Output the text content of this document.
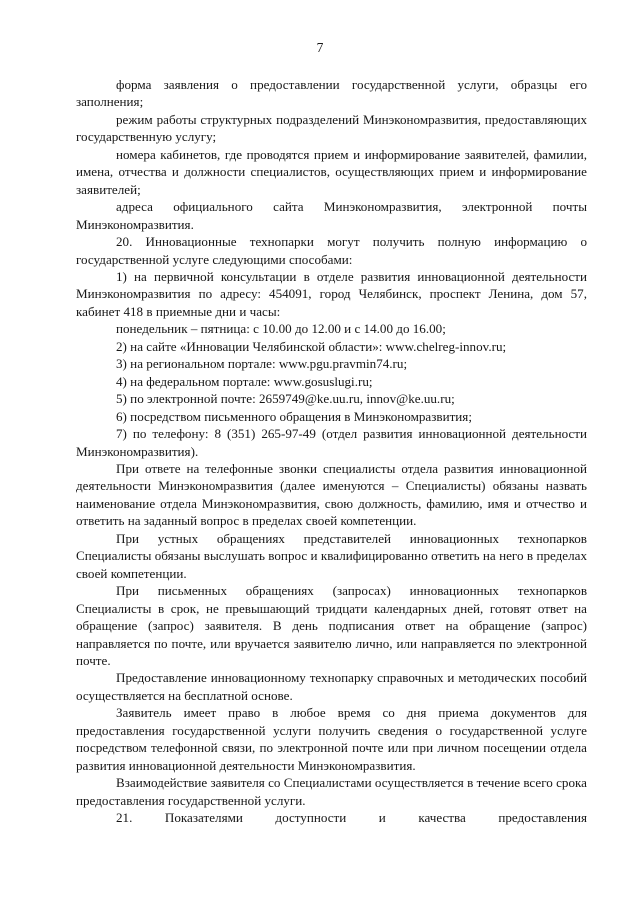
7

форма заявления о предоставлении государственной услуги, образцы его заполнения;

режим работы структурных подразделений Минэкономразвития, предоставляющих государственную услугу;

номера кабинетов, где проводятся прием и информирование заявителей, фамилии, имена, отчества и должности специалистов, осуществляющих прием и информирование заявителей;

адреса официального сайта Минэкономразвития, электронной почты Минэкономразвития.

20. Инновационные технопарки могут получить полную информацию о государственной услуге следующими способами:

1) на первичной консультации в отделе развития инновационной деятельности Минэкономразвития по адресу: 454091, город Челябинск, проспект Ленина, дом 57, кабинет 418 в приемные дни и часы:

понедельник – пятница: с 10.00 до 12.00 и с 14.00 до 16.00;

2) на сайте «Инновации Челябинской области»: www.chelreg-innov.ru;

3) на региональном портале: www.pgu.pravmin74.ru;

4) на федеральном портале: www.gosuslugi.ru;

5) по электронной почте: 2659749@ke.uu.ru, innov@ke.uu.ru;

6) посредством письменного обращения в Минэкономразвития;

7) по телефону: 8 (351) 265-97-49 (отдел развития инновационной деятельности Минэкономразвития).

При ответе на телефонные звонки специалисты отдела развития инновационной деятельности Минэкономразвития (далее именуются – Специалисты) обязаны назвать наименование отдела Минэкономразвития, свою должность, фамилию, имя и отчество и ответить на заданный вопрос в пределах своей компетенции.

При устных обращениях представителей инновационных технопарков Специалисты обязаны выслушать вопрос и квалифицированно ответить на него в пределах своей компетенции.

При письменных обращениях (запросах) инновационных технопарков Специалисты в срок, не превышающий тридцати календарных дней, готовят ответ на обращение (запрос) заявителя. В день подписания ответ на обращение (запрос) направляется по почте, или вручается заявителю лично, или направляется по электронной почте.

Предоставление инновационному технопарку справочных и методических пособий осуществляется на бесплатной основе.

Заявитель имеет право в любое время со дня приема документов для предоставления государственной услуги получить сведения о государственной услуге посредством телефонной связи, по электронной почте или при личном посещении отдела развития инновационной деятельности Минэкономразвития.

Взаимодействие заявителя со Специалистами осуществляется в течение всего срока предоставления государственной услуги.

21. Показателями доступности и качества предоставления
